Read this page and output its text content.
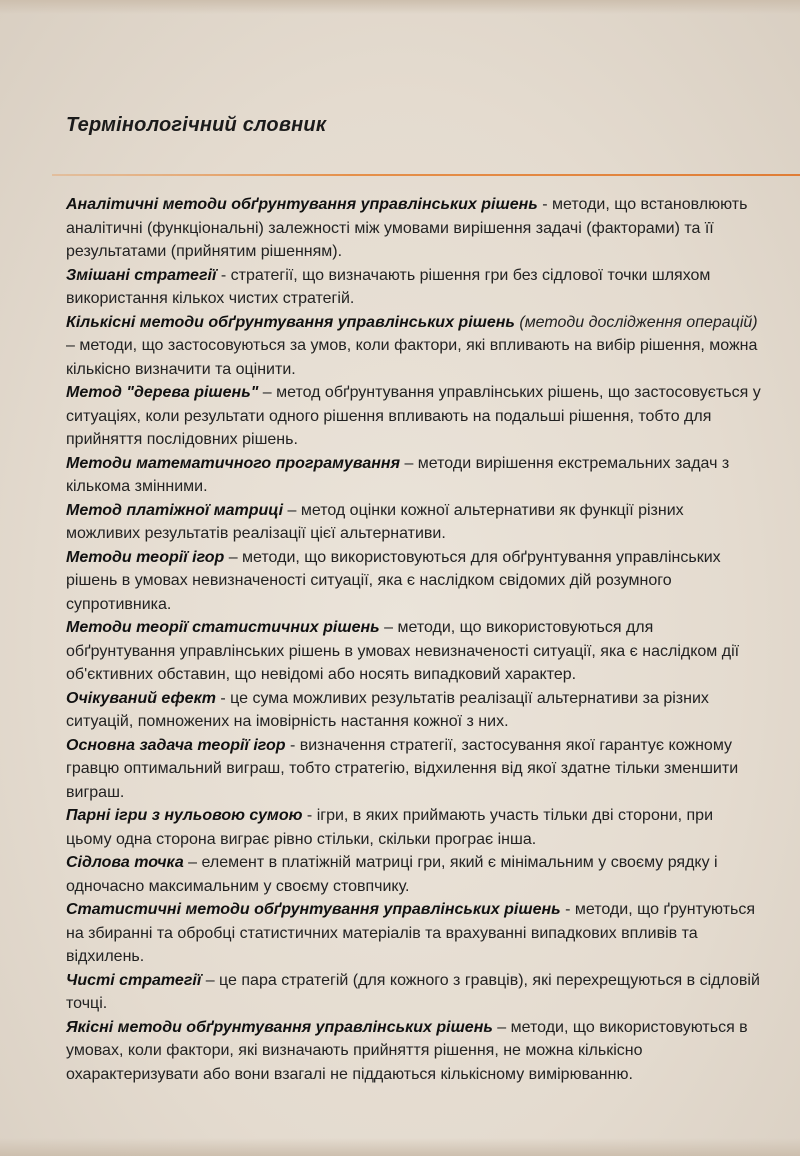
Термінологічний словник

Аналітичні методи обґрунтування управлінських рішень - методи, що встановлюють аналітичні (функціональні) залежності між умовами вирішення задачі (факторами) та її результатами (прийнятим рішенням).

Змішані стратегії - стратегії, що визначають рішення гри без сідлової точки шляхом використання кількох чистих стратегій.

Кількісні методи обґрунтування управлінських рішень (методи дослідження операцій) – методи, що застосовуються за умов, коли фактори, які впливають на вибір рішення, можна кількісно визначити та оцінити.

Метод "дерева рішень" – метод обґрунтування управлінських рішень, що застосовується у ситуаціях, коли результати одного рішення впливають на подальші рішення, тобто для прийняття послідовних рішень.

Методи математичного програмування – методи вирішення екстремальних задач з кількома змінними.

Метод платіжної матриці – метод оцінки кожної альтернативи як функції різних можливих результатів реалізації цієї альтернативи.

Методи теорії ігор – методи, що використовуються для обґрунтування управлінських рішень в умовах невизначеності ситуації, яка є наслідком свідомих дій розумного супротивника.

Методи теорії статистичних рішень – методи, що використовуються для обґрунтування управлінських рішень в умовах невизначеності ситуації, яка є наслідком дії об'єктивних обставин, що невідомі або носять випадковий характер.

Очікуваний ефект - це сума можливих результатів реалізації альтернативи за різних ситуацій, помножених на імовірність настання кожної з них.

Основна задача теорії ігор - визначення стратегії, застосування якої гарантує кожному гравцю оптимальний виграш, тобто стратегію, відхилення від якої здатне тільки зменшити виграш.

Парні ігри з нульовою сумою - ігри, в яких приймають участь тільки дві сторони, при цьому одна сторона виграє рівно стільки, скільки програє інша.

Сідлова точка – елемент в платіжній матриці гри, який є мінімальним у своєму рядку і одночасно максимальним у своєму стовпчику.

Статистичні методи обґрунтування управлінських рішень - методи, що ґрунтуються на збиранні та обробці статистичних матеріалів та врахуванні випадкових впливів та відхилень.

Чисті стратегії – це пара стратегій (для кожного з гравців), які перехрещуються в сідловій точці.

Якісні методи обґрунтування управлінських рішень – методи, що використовуються в умовах, коли фактори, які визначають прийняття рішення, не можна кількісно охарактеризувати або вони взагалі не піддаються кількісному вимірюванню.
